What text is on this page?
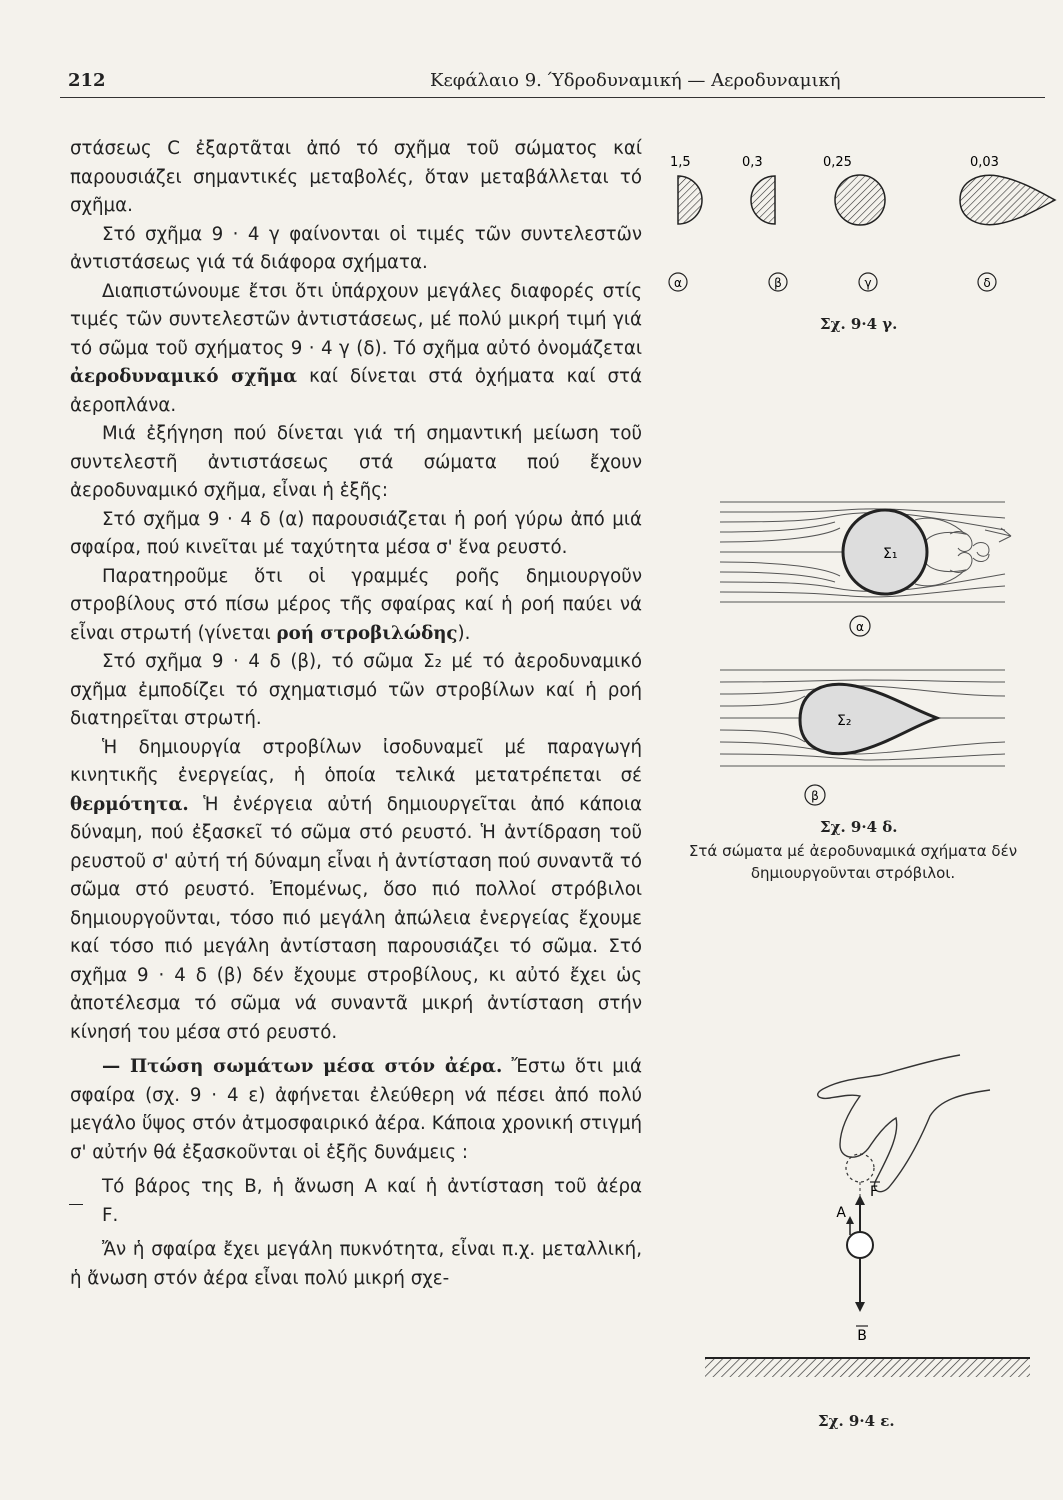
212	Κεφάλαιο 9. Ύδροδυναμική — Αεροδυναμική

στάσεως C ἐξαρτᾶται ἀπό τό σχῆμα τοῦ σώματος καί παρουσιάζει σημαντικές μεταβολές, ὅταν μεταβάλλεται τό σχῆμα.

Στό σχῆμα 9 · 4 γ φαίνονται οἱ τιμές τῶν συντελεστῶν ἀντιστάσεως γιά τά διάφορα σχήματα.

Διαπιστώνουμε ἔτσι ὅτι ὑπάρχουν μεγάλες διαφορές στίς τιμές τῶν συντελεστῶν ἀντιστάσεως, μέ πολύ μικρή τιμή γιά τό σῶμα τοῦ σχήματος 9 · 4 γ (δ). Τό σχῆμα αὐτό ὀνομάζεται ἀεροδυναμικό σχῆμα καί δίνεται στά ὀχήματα καί στά ἀεροπλάνα.

Μιά ἐξήγηση πού δίνεται γιά τή σημαντική μείωση τοῦ συντελεστῆ ἀντιστάσεως στά σώματα πού ἔχουν ἀεροδυναμικό σχῆμα, εἶναι ἡ ἑξῆς:

Στό σχῆμα 9 · 4 δ (α) παρουσιάζεται ἡ ροή γύρω ἀπό μιά σφαίρα, πού κινεῖται μέ ταχύτητα μέσα σ' ἕνα ρευστό.

Παρατηροῦμε ὅτι οἱ γραμμές ροῆς δημιουργοῦν στροβίλους στό πίσω μέρος τῆς σφαίρας καί ἡ ροή παύει νά εἶναι στρωτή (γίνεται ροή στροβιλώδης).

Στό σχῆμα 9 · 4 δ (β), τό σῶμα Σ₂ μέ τό ἀεροδυναμικό σχῆμα ἐμποδίζει τό σχηματισμό τῶν στροβίλων καί ἡ ροή διατηρεῖται στρωτή.

Ἡ δημιουργία στροβίλων ἰσοδυναμεῖ μέ παραγωγή κινητικῆς ἐνεργείας, ἡ ὁποία τελικά μετατρέπεται σέ θερμότητα. Ἡ ἐνέργεια αὐτή δημιουργεῖται ἀπό κάποια δύναμη, πού ἐξασκεῖ τό σῶμα στό ρευστό. Ἡ ἀντίδραση τοῦ ρευστοῦ σ' αὐτή τή δύναμη εἶναι ἡ ἀντίσταση πού συναντᾶ τό σῶμα στό ρευστό. Ἐπομένως, ὅσο πιό πολλοί στρόβιλοι δημιουργοῦνται, τόσο πιό μεγάλη ἀπώλεια ἐνεργείας ἔχουμε καί τόσο πιό μεγάλη ἀντίσταση παρουσιάζει τό σῶμα. Στό σχῆμα 9 · 4 δ (β) δέν ἔχουμε στροβίλους, κι αὐτό ἔχει ὡς ἀποτέλεσμα τό σῶμα νά συναντᾶ μικρή ἀντίσταση στήν κίνησή του μέσα στό ρευστό.

— Πτώση σωμάτων μέσα στόν ἀέρα. Ἔστω ὅτι μιά σφαίρα (σχ. 9 · 4 ε) ἀφήνεται ἐλεύθερη νά πέσει ἀπό πολύ μεγάλο ὕψος στόν ἀτμοσφαιρικό ἀέρα. Κάποια χρονική στιγμή σ' αὐτήν θά ἐξασκοῦνται οἱ ἑξῆς δυνάμεις :

Τό βάρος της B, ἡ ἄνωση A καί ἡ ἀντίσταση τοῦ ἀέρα F.

Ἄν ἡ σφαίρα ἔχει μεγάλη πυκνότητα, εἶναι π.χ. μεταλλική, ἡ ἄνωση στόν ἀέρα εἶναι πολύ μικρή σχε-

1,5	0,3	0,25	0,03
α	β	γ	δ
Σχ. 9·4 γ.
Σ₁
α
Σ₂
β
Σχ. 9·4 δ.
Στά σώματα μέ ἀεροδυναμικά σχήματα δέν
δημιουργοῦνται στρόβιλοι.
F
A
B
Σχ. 9·4 ε.
